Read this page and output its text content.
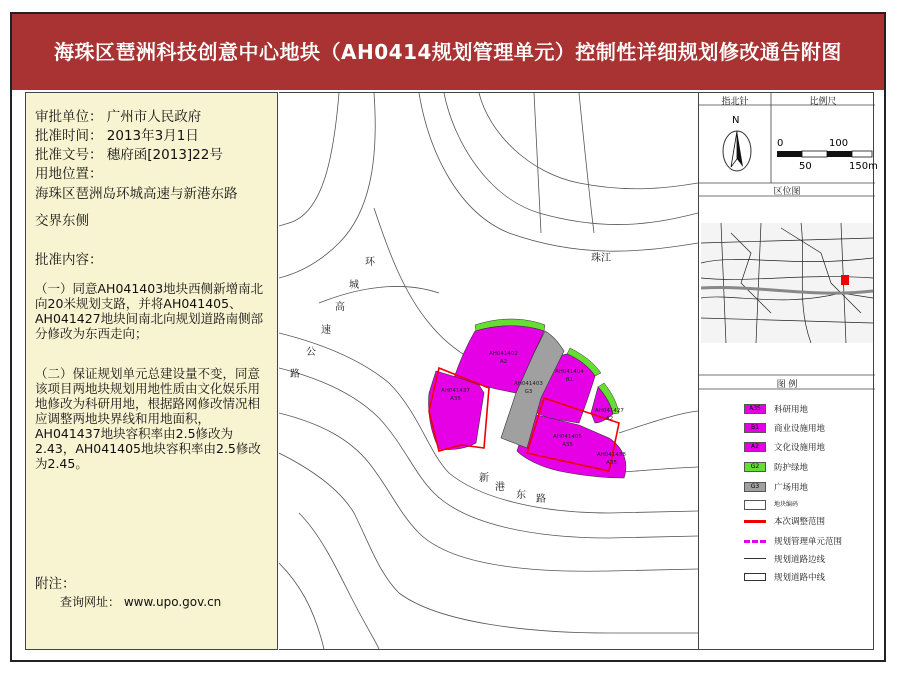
海珠区琶洲科技创意中心地块（AH0414规划管理单元）控制性详细规划修改通告附图
审批单位： 广州市人民政府
批准时间： 2013年3月1日
批准文号： 穗府函[2013]22号
用地位置：
海珠区琶洲岛环城高速与新港东路
交界东侧
批准内容：
（一）同意AH041403地块西侧新增南北向20米规划支路，并将AH041405、AH041427地块间南北向规划道路南侧部分修改为东西走向；
（二）保证规划单元总建设量不变，同意该项目两地块规划用地性质由文化娱乐用地修改为科研用地，根据路网修改情况相应调整两地块界线和用地面积，AH041437地块容积率由2.5修改为2.43，AH041405地块容积率由2.5修改为2.45。
附注：
查询网址： www.upo.gov.cn
环
城
高
速
公
路
珠江
新
港
东 路
AH041402
A2
AH041403
G3
AH041404
B1
AH041437
A35
AH041405
A35
AH041427
A2
AH041438
A35
指北针	比例尺
N
0	100
50	150m
区位图
图 例
A35	科研用地
B1	商业设施用地
A2	文化设施用地
G2	防护绿地
G3	广场用地
地块编码
本次调整范围
规划管理单元范围
规划道路边线
规划道路中线
